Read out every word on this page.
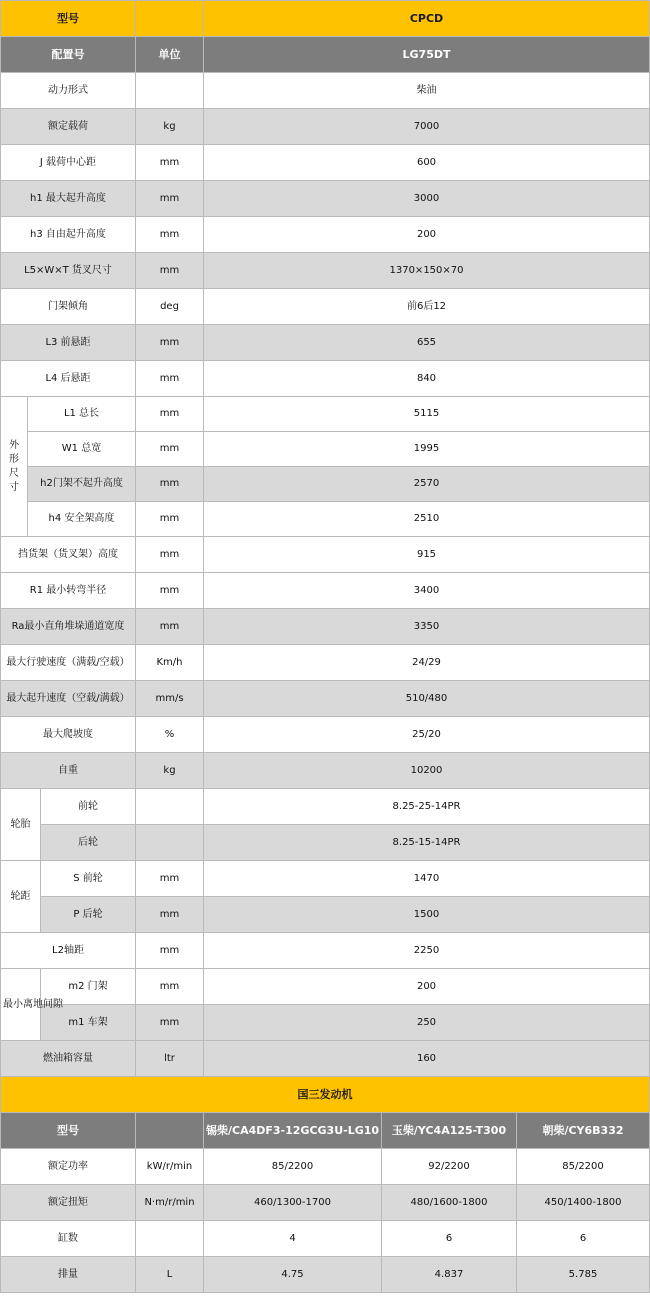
型号				CPCD		
配置号			单位	LG75DT		
动力形式				柴油		
额定载荷			kg	7000		
J 载荷中心距			mm	600		
h1 最大起升高度			mm	3000		
h3 自由起升高度			mm	200		
L5×W×T 货叉尺寸			mm	1370×150×70		
门架倾角			deg	前6后12		
L3 前悬距			mm	655		
L4 后悬距			mm	840		
外
形
尺
寸	L1 总长		mm	5115		
	W1 总宽		mm	1995		
	h2门架不起升高度		mm	2570		
	h4 安全架高度		mm	2510		
挡货架（货叉架）高度			mm	915		
R1 最小转弯半径			mm	3400		
Ra最小直角堆垛通道宽度			mm	3350		
最大行驶速度（满载/空载）			Km/h	24/29		
最大起升速度（空载/满载）			mm/s	510/480		
最大爬坡度			%	25/20		
自重			kg	10200		
轮胎		前轮		8.25-25-14PR		
		后轮		8.25-15-14PR		
轮距		S 前轮	mm	1470		
		P 后轮	mm	1500		
L2轴距			mm	2250		
最小离地间隙		m2 门架	mm	200		
		m1 车架	mm	250		
燃油箱容量			ltr	160		
国三发动机						
型号				锡柴/CA4DF3-12GCG3U-LG10	玉柴/YC4A125-T300	朝柴/CY6B332
额定功率			kW/r/min	85/2200	92/2200	85/2200
额定扭矩			N·m/r/min	460/1300-1700	480/1600-1800	450/1400-1800
缸数				4	6	6
排量			L	4.75	4.837	5.785
